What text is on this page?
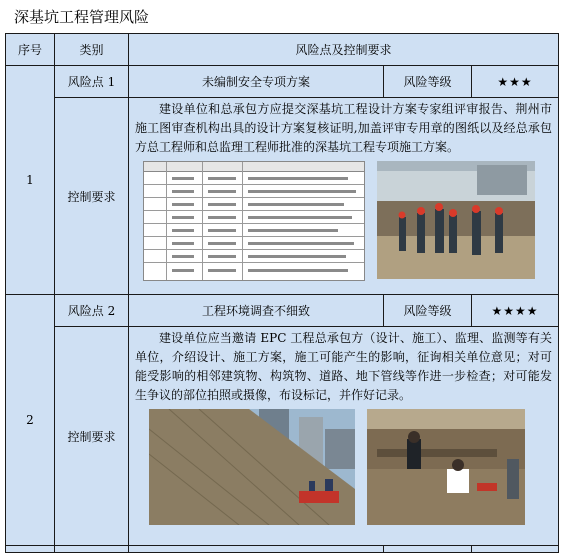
深基坑工程管理风险
序号	类别	风险点及控制要求		
1	风险点 1	未编制安全专项方案	风险等级	★★★
	控制要求	建设单位和总承包方应提交深基坑工程设计方案专家组评审报告、荆州市施工图审查机构出具的设计方案复核证明,加盖评审专用章的图纸以及经总承包方总工程师和总监理工程师批准的深基坑工程专项施工方案。		

2	风险点 2	工程环境调查不细致	风险等级	★★★★
	控制要求	建设单位应当邀请 EPC 工程总承包方（设计、施工）、监理、监测等有关单位，介绍设计、施工方案，施工可能产生的影响，征询相关单位意见；对可能受影响的相邻建筑物、构筑物、道路、地下管线等作进一步检查；对可能发生争议的部位拍照或摄像，布设标记，并作好记录。		
